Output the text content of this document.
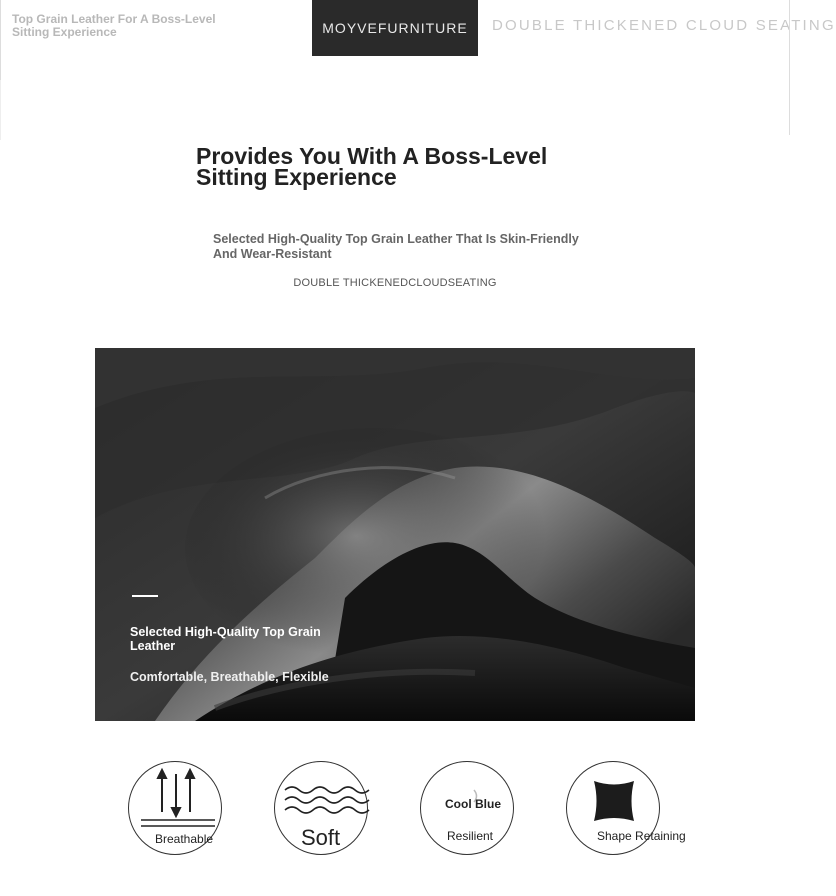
Top Grain Leather For A Boss-Level Sitting Experience	MOYVEFURNITURE	DOUBLE THICKENED CLOUD SEATING
Provides You With A Boss-Level Sitting Experience
Selected High-Quality Top Grain Leather That Is Skin-Friendly And Wear-Resistant
DOUBLE THICKENEDCLOUDSEATING
Selected High-Quality Top Grain Leather
Comfortable, Breathable, Flexible
Breathable	Soft
Cool Blue
Resilient	Shape Retaining
